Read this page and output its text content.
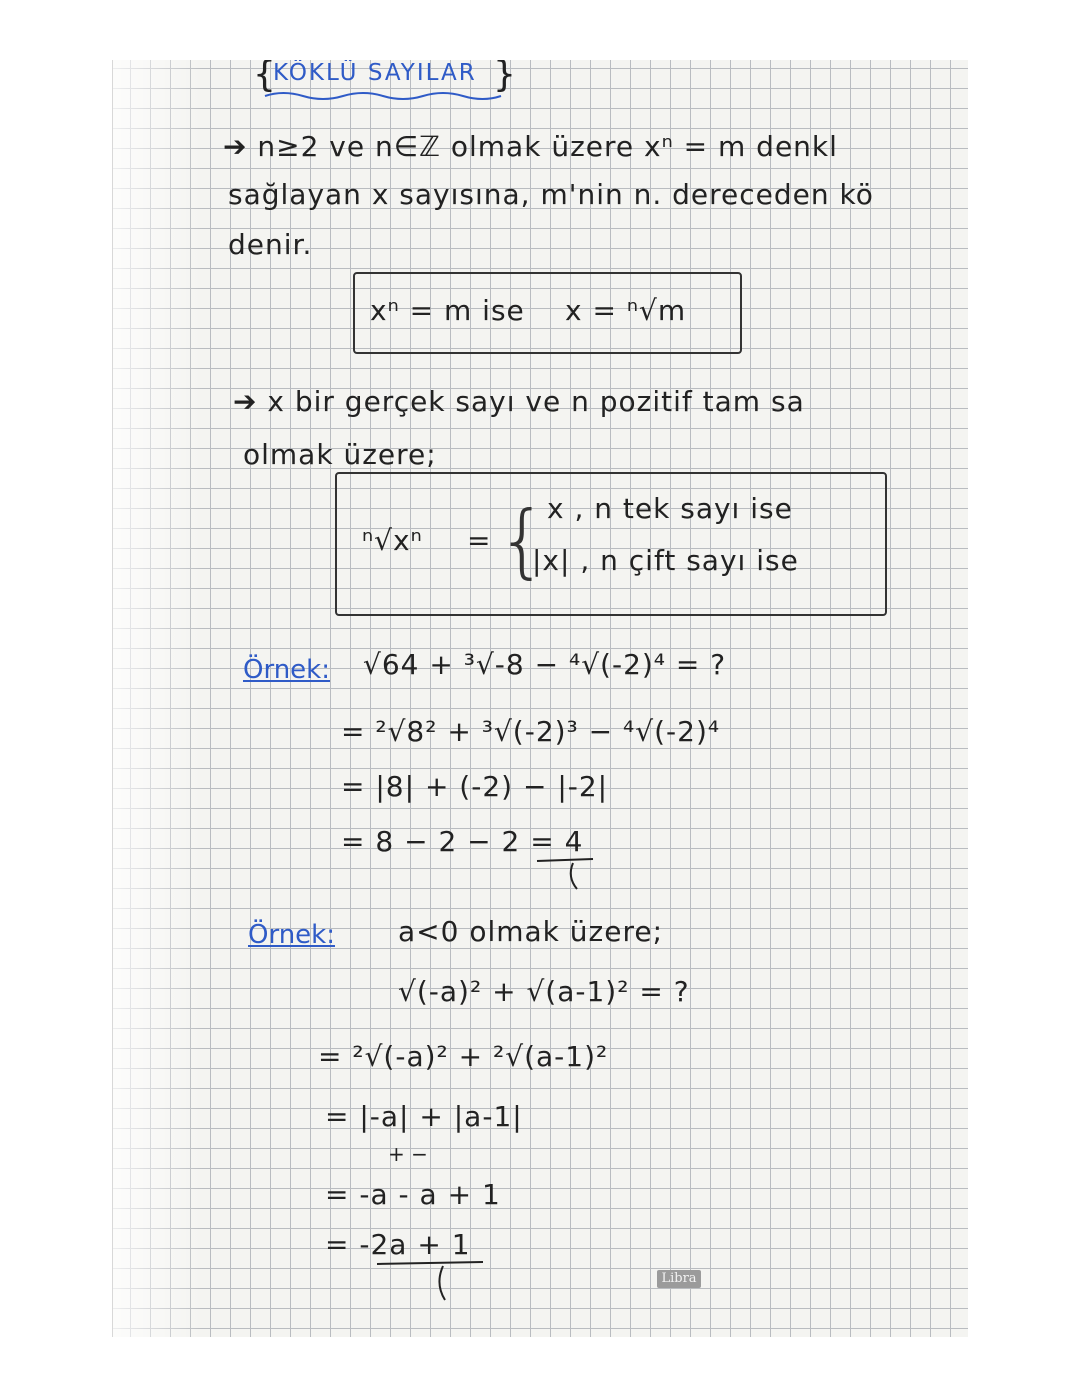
{
KÖKLÜ SAYILAR }
➔ n≥2 ve n∈ℤ olmak üzere xⁿ = m denkl
sağlayan x sayısına, m'nin n. dereceden kö
denir.
xⁿ = m ise x = ⁿ√m
➔ x bir gerçek sayı ve n pozitif tam sa
olmak üzere;
ⁿ√xⁿ = { x , n tek sayı ise
|x| , n çift sayı ise
Örnek: √64 + ³√-8 − ⁴√(-2)⁴ = ?
= ²√8² + ³√(-2)³ − ⁴√(-2)⁴
= |8| + (-2) − |-2|
= 8 − 2 − 2 = 4
Örnek: a<0 olmak üzere;
√(-a)² + √(a-1)² = ?
= ²√(-a)² + ²√(a-1)²
= |-a| + |a-1|
+ −
= -a - a + 1
= -2a + 1
Libra
